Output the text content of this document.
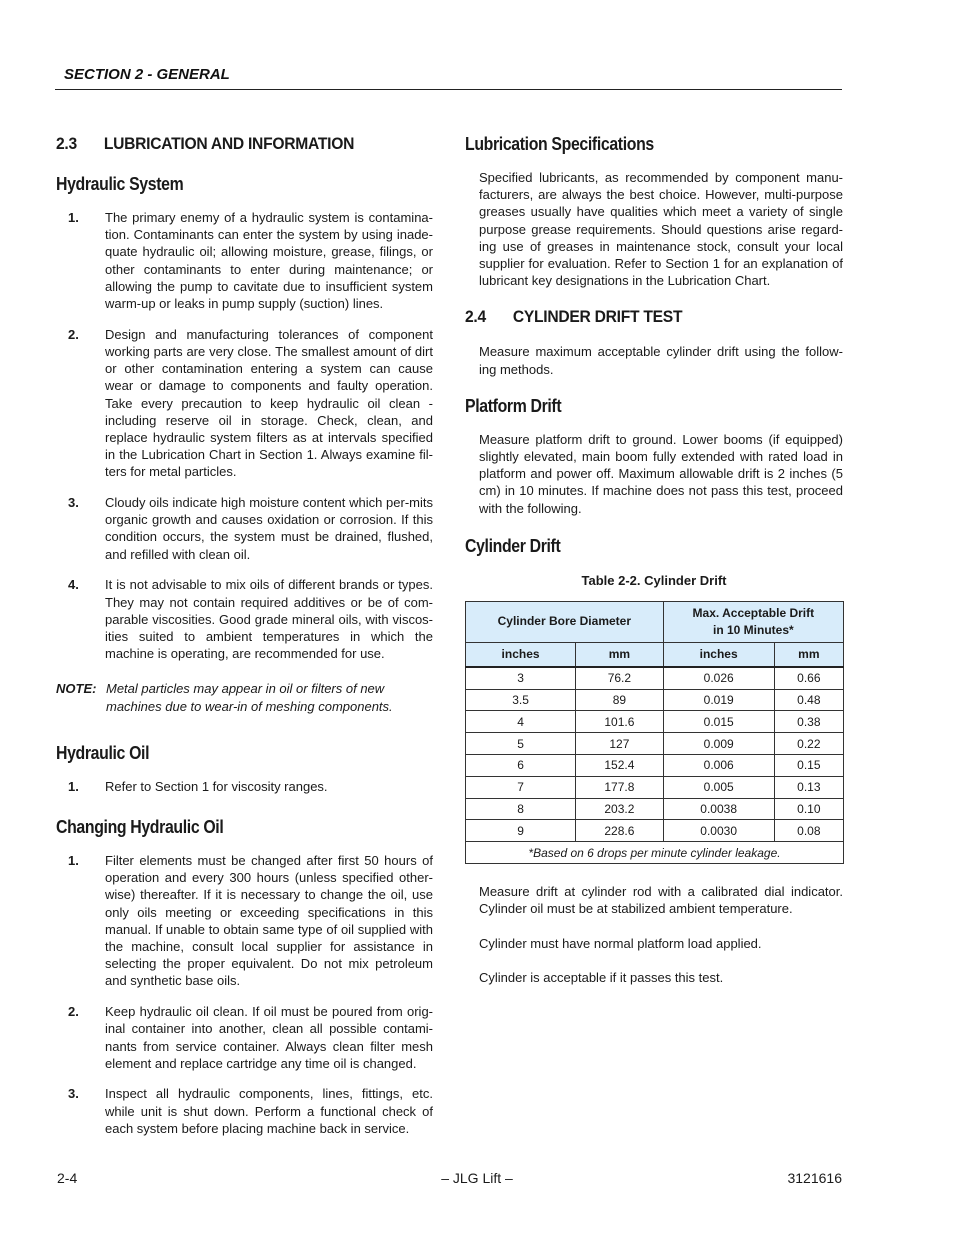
SECTION 2 - GENERAL
2.3	LUBRICATION AND INFORMATION
Hydraulic System
1.	The primary enemy of a hydraulic system is contamina-tion. Contaminants can enter the system by using inade-quate hydraulic oil; allowing moisture, grease, filings, or other contaminants to enter during maintenance; or allowing the pump to cavitate due to insufficient system warm-up or leaks in pump supply (suction) lines.
2.	Design and manufacturing tolerances of component working parts are very close. The smallest amount of dirt or other contamination entering a system can cause wear or damage to components and faulty operation. Take every precaution to keep hydraulic oil clean - including reserve oil in storage. Check, clean, and replace hydraulic system filters as at intervals specified in the Lubrication Chart in Section 1. Always examine fil-ters for metal particles.
3.	Cloudy oils indicate high moisture content which per-mits organic growth and causes oxidation or corrosion. If this condition occurs, the system must be drained, flushed, and refilled with clean oil.
4.	It is not advisable to mix oils of different brands or types. They may not contain required additives or be of com-parable viscosities. Good grade mineral oils, with viscos-ities suited to ambient temperatures in which the machine is operating, are recommended for use.
NOTE: Metal particles may appear in oil or filters of new machines due to wear-in of meshing components.
Hydraulic Oil
1.	Refer to Section 1 for viscosity ranges.
Changing Hydraulic Oil
1.	Filter elements must be changed after first 50 hours of operation and every 300 hours (unless specified other-wise) thereafter. If it is necessary to change the oil, use only oils meeting or exceeding specifications in this manual. If unable to obtain same type of oil supplied with the machine, consult local supplier for assistance in selecting the proper equivalent. Do not mix petroleum and synthetic base oils.
2.	Keep hydraulic oil clean. If oil must be poured from orig-inal container into another, clean all possible contami-nants from service container. Always clean filter mesh element and replace cartridge any time oil is changed.
3.	Inspect all hydraulic components, lines, fittings, etc. while unit is shut down. Perform a functional check of each system before placing machine back in service.
Lubrication Specifications

Specified lubricants, as recommended by component manu-facturers, are always the best choice. However, multi-purpose greases usually have qualities which meet a variety of single purpose grease requirements. Should questions arise regard-ing use of greases in maintenance stock, consult your local supplier for evaluation. Refer to Section 1 for an explanation of lubricant key designations in the Lubrication Chart.

2.4	CYLINDER DRIFT TEST

Measure maximum acceptable cylinder drift using the follow-ing methods.

Platform Drift

Measure platform drift to ground. Lower booms (if equipped) slightly elevated, main boom fully extended with rated load in platform and power off. Maximum allowable drift is 2 inches (5 cm) in 10 minutes. If machine does not pass this test, proceed with the following.

Cylinder Drift
Table 2-2. Cylinder Drift
Cylinder Bore Diameter		Max. Acceptable Drift
in 10 Minutes*	

inches	mm	inches	mm
3	76.2	0.026	0.66
3.5	89	0.019	0.48
4	101.6	0.015	0.38
5	127	0.009	0.22
6	152.4	0.006	0.15
7	177.8	0.005	0.13
8	203.2	0.0038	0.10
9	228.6	0.0030	0.08
*Based on 6 drops per minute cylinder leakage.			

Measure drift at cylinder rod with a calibrated dial indicator. Cylinder oil must be at stabilized ambient temperature.

Cylinder must have normal platform load applied.

Cylinder is acceptable if it passes this test.

2-4	– JLG Lift –	3121616
